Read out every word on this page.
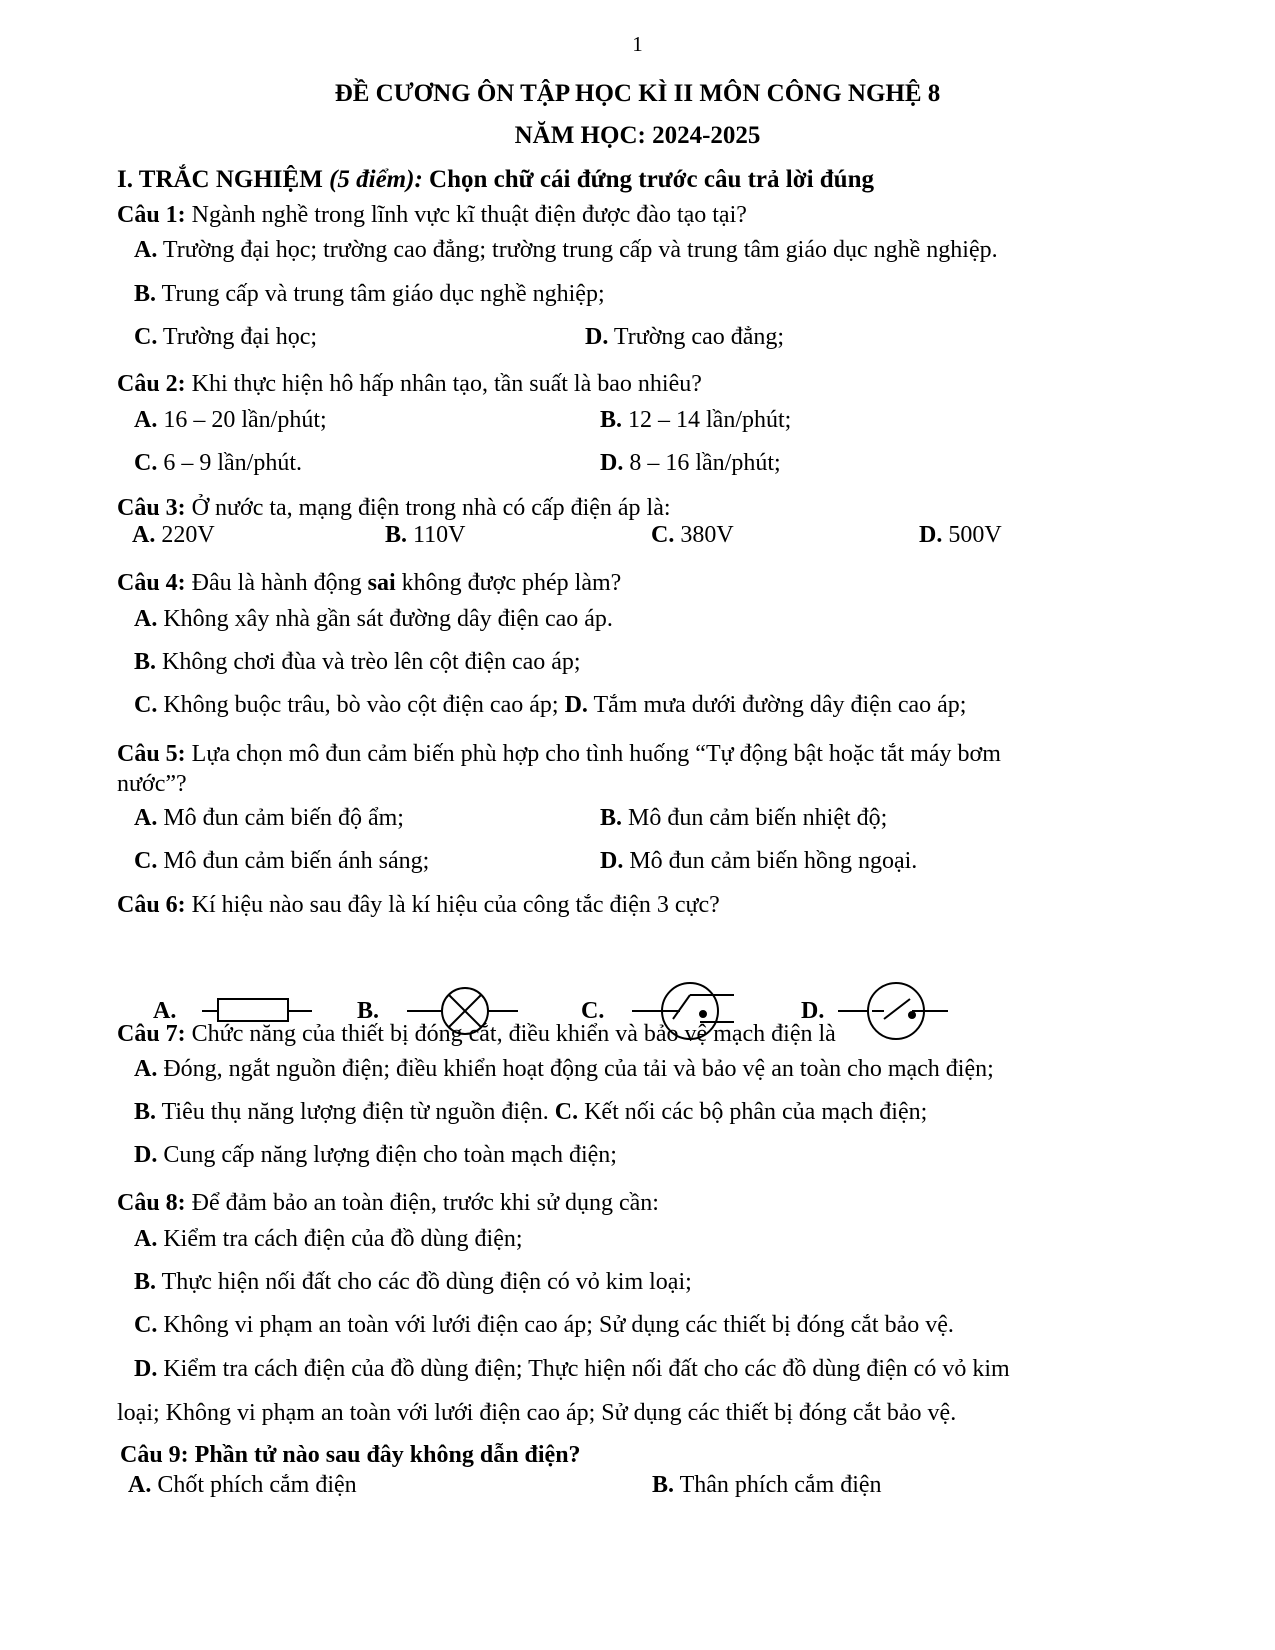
1
ĐỀ CƯƠNG ÔN TẬP HỌC KÌ II MÔN CÔNG NGHỆ 8
NĂM HỌC: 2024-2025
I. TRẮC NGHIỆM (5 điểm): Chọn chữ cái đứng trước câu trả lời đúng
Câu 1: Ngành nghề trong lĩnh vực kĩ thuật điện được đào tạo tại?
A. Trường đại học; trường cao đẳng; trường trung cấp và trung tâm giáo dục nghề nghiệp.
B. Trung cấp và trung tâm giáo dục nghề nghiệp;
C. Trường đại học;	D. Trường cao đẳng;
Câu 2: Khi thực hiện hô hấp nhân tạo, tần suất là bao nhiêu?
A. 16 – 20 lần/phút;	B. 12 – 14 lần/phút;
C. 6 – 9 lần/phút.	D. 8 – 16 lần/phút;
Câu 3: Ở nước ta, mạng điện trong nhà có cấp điện áp là:
A. 220V	B. 110V	C. 380V	D. 500V
Câu 4: Đâu là hành động sai không được phép làm?
A. Không xây nhà gần sát đường dây điện cao áp.
B. Không chơi đùa và trèo lên cột điện cao áp;
C. Không buộc trâu, bò vào cột điện cao áp; D. Tắm mưa dưới đường dây điện cao áp;
Câu 5: Lựa chọn mô đun cảm biến phù hợp cho tình huống “Tự động bật hoặc tắt máy bơm
nước”?
A. Mô đun cảm biến độ ẩm;	B. Mô đun cảm biến nhiệt độ;
C. Mô đun cảm biến ánh sáng;	D. Mô đun cảm biến hồng ngoại.
Câu 6: Kí hiệu nào sau đây là kí hiệu của công tắc điện 3 cực?
A.	B.	C.	D.
Câu 7: Chức năng của thiết bị đóng cắt, điều khiển và bảo vệ mạch điện là
A. Đóng, ngắt nguồn điện; điều khiển hoạt động của tải và bảo vệ an toàn cho mạch điện;
B. Tiêu thụ năng lượng điện từ nguồn điện. C. Kết nối các bộ phân của mạch điện;
D. Cung cấp năng lượng điện cho toàn mạch điện;
Câu 8: Để đảm bảo an toàn điện, trước khi sử dụng cần:
A. Kiểm tra cách điện của đồ dùng điện;
B. Thực hiện nối đất cho các đồ dùng điện có vỏ kim loại;
C. Không vi phạm an toàn với lưới điện cao áp; Sử dụng các thiết bị đóng cắt bảo vệ.
D. Kiểm tra cách điện của đồ dùng điện; Thực hiện nối đất cho các đồ dùng điện có vỏ kim
loại; Không vi phạm an toàn với lưới điện cao áp; Sử dụng các thiết bị đóng cắt bảo vệ.
Câu 9: Phần tử nào sau đây không dẫn điện?
A. Chốt phích cắm điện	B. Thân phích cắm điện
